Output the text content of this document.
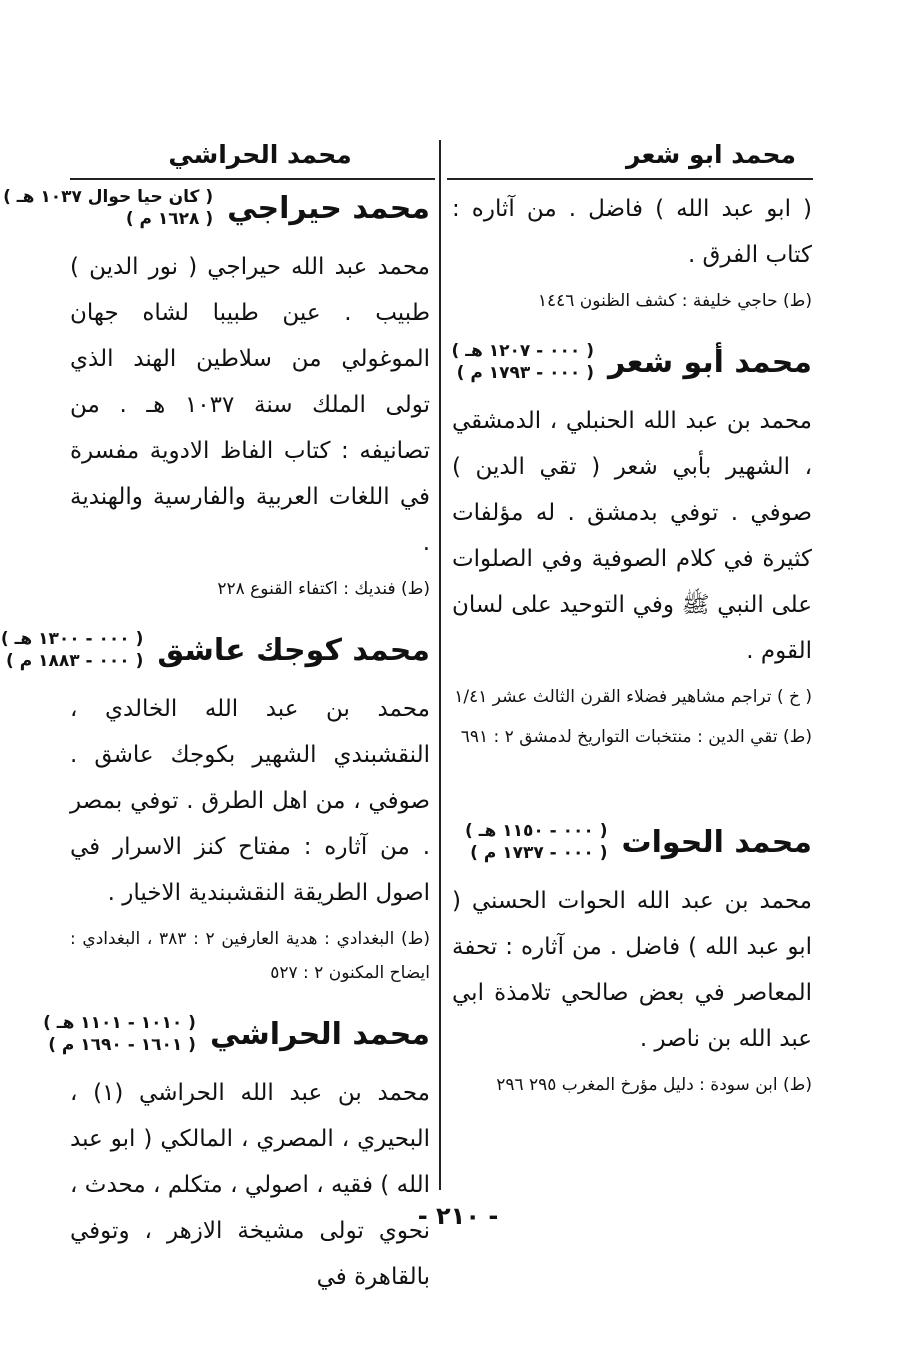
محمد ابو شعر
محمد الحراشي

( ابو عبد الله ) فاضل . من آثاره : كتاب الفرق .

(ط) حاجي خليفة : كشف الظنون ١٤٤٦

محمد أبو شعر
( ٠٠٠ - ١٢٠٧ هـ )
( ٠٠٠ - ١٧٩٣ م )

محمد بن عبد الله الحنبلي ، الدمشقي ، الشهير بأبي شعر ( تقي الدين ) صوفي . توفي بدمشق . له مؤلفات كثيرة في كلام الصوفية وفي الصلوات على النبي ﷺ وفي التوحيد على لسان القوم .

( خ ) تراجم مشاهير فضلاء القرن الثالث عشر ١/٤١

(ط) تقي الدين : منتخبات التواريخ لدمشق ٢ : ٦٩١

محمد الحوات
( ٠٠٠ - ١١٥٠ هـ )
( ٠٠٠ - ١٧٣٧ م )

محمد بن عبد الله الحوات الحسني ( ابو عبد الله ) فاضل . من آثاره : تحفة المعاصر في بعض صالحي تلامذة ابي عبد الله بن ناصر .

(ط) ابن سودة : دليل مؤرخ المغرب ٢٩٥ ٢٩٦

محمد حيراجي
( كان حيا حوال ١٠٣٧ هـ )
( ١٦٢٨ م )

محمد عبد الله حيراجي ( نور الدين ) طبيب . عين طبيبا لشاه جهان الموغولي من سلاطين الهند الذي تولى الملك سنة ١٠٣٧ هـ . من تصانيفه : كتاب الفاظ الادوية مفسرة في اللغات العربية والفارسية والهندية .

(ط) فنديك : اكتفاء القنوع ٢٢٨

محمد كوجك عاشق
( ٠٠٠ - ١٣٠٠ هـ )
( ٠٠٠ - ١٨٨٣ م )

محمد بن عبد الله الخالدي ، النقشبندي الشهير بكوجك عاشق . صوفي ، من اهل الطرق . توفي بمصر . من آثاره : مفتاح كنز الاسرار في اصول الطريقة النقشبندية الاخيار .

(ط) البغدادي : هدية العارفين ٢ : ٣٨٣ ، البغدادي : ايضاح المكنون ٢ : ٥٢٧

محمد الحراشي
( ١٠١٠ - ١١٠١ هـ )
( ١٦٠١ - ١٦٩٠ م )

محمد بن عبد الله الحراشي (١) ، البحيري ، المصري ، المالكي ( ابو عبد الله ) فقيه ، اصولي ، متكلم ، محدث ، نحوي تولى مشيخة الازهر ، وتوفي بالقاهرة في

- ٢١٠ -
